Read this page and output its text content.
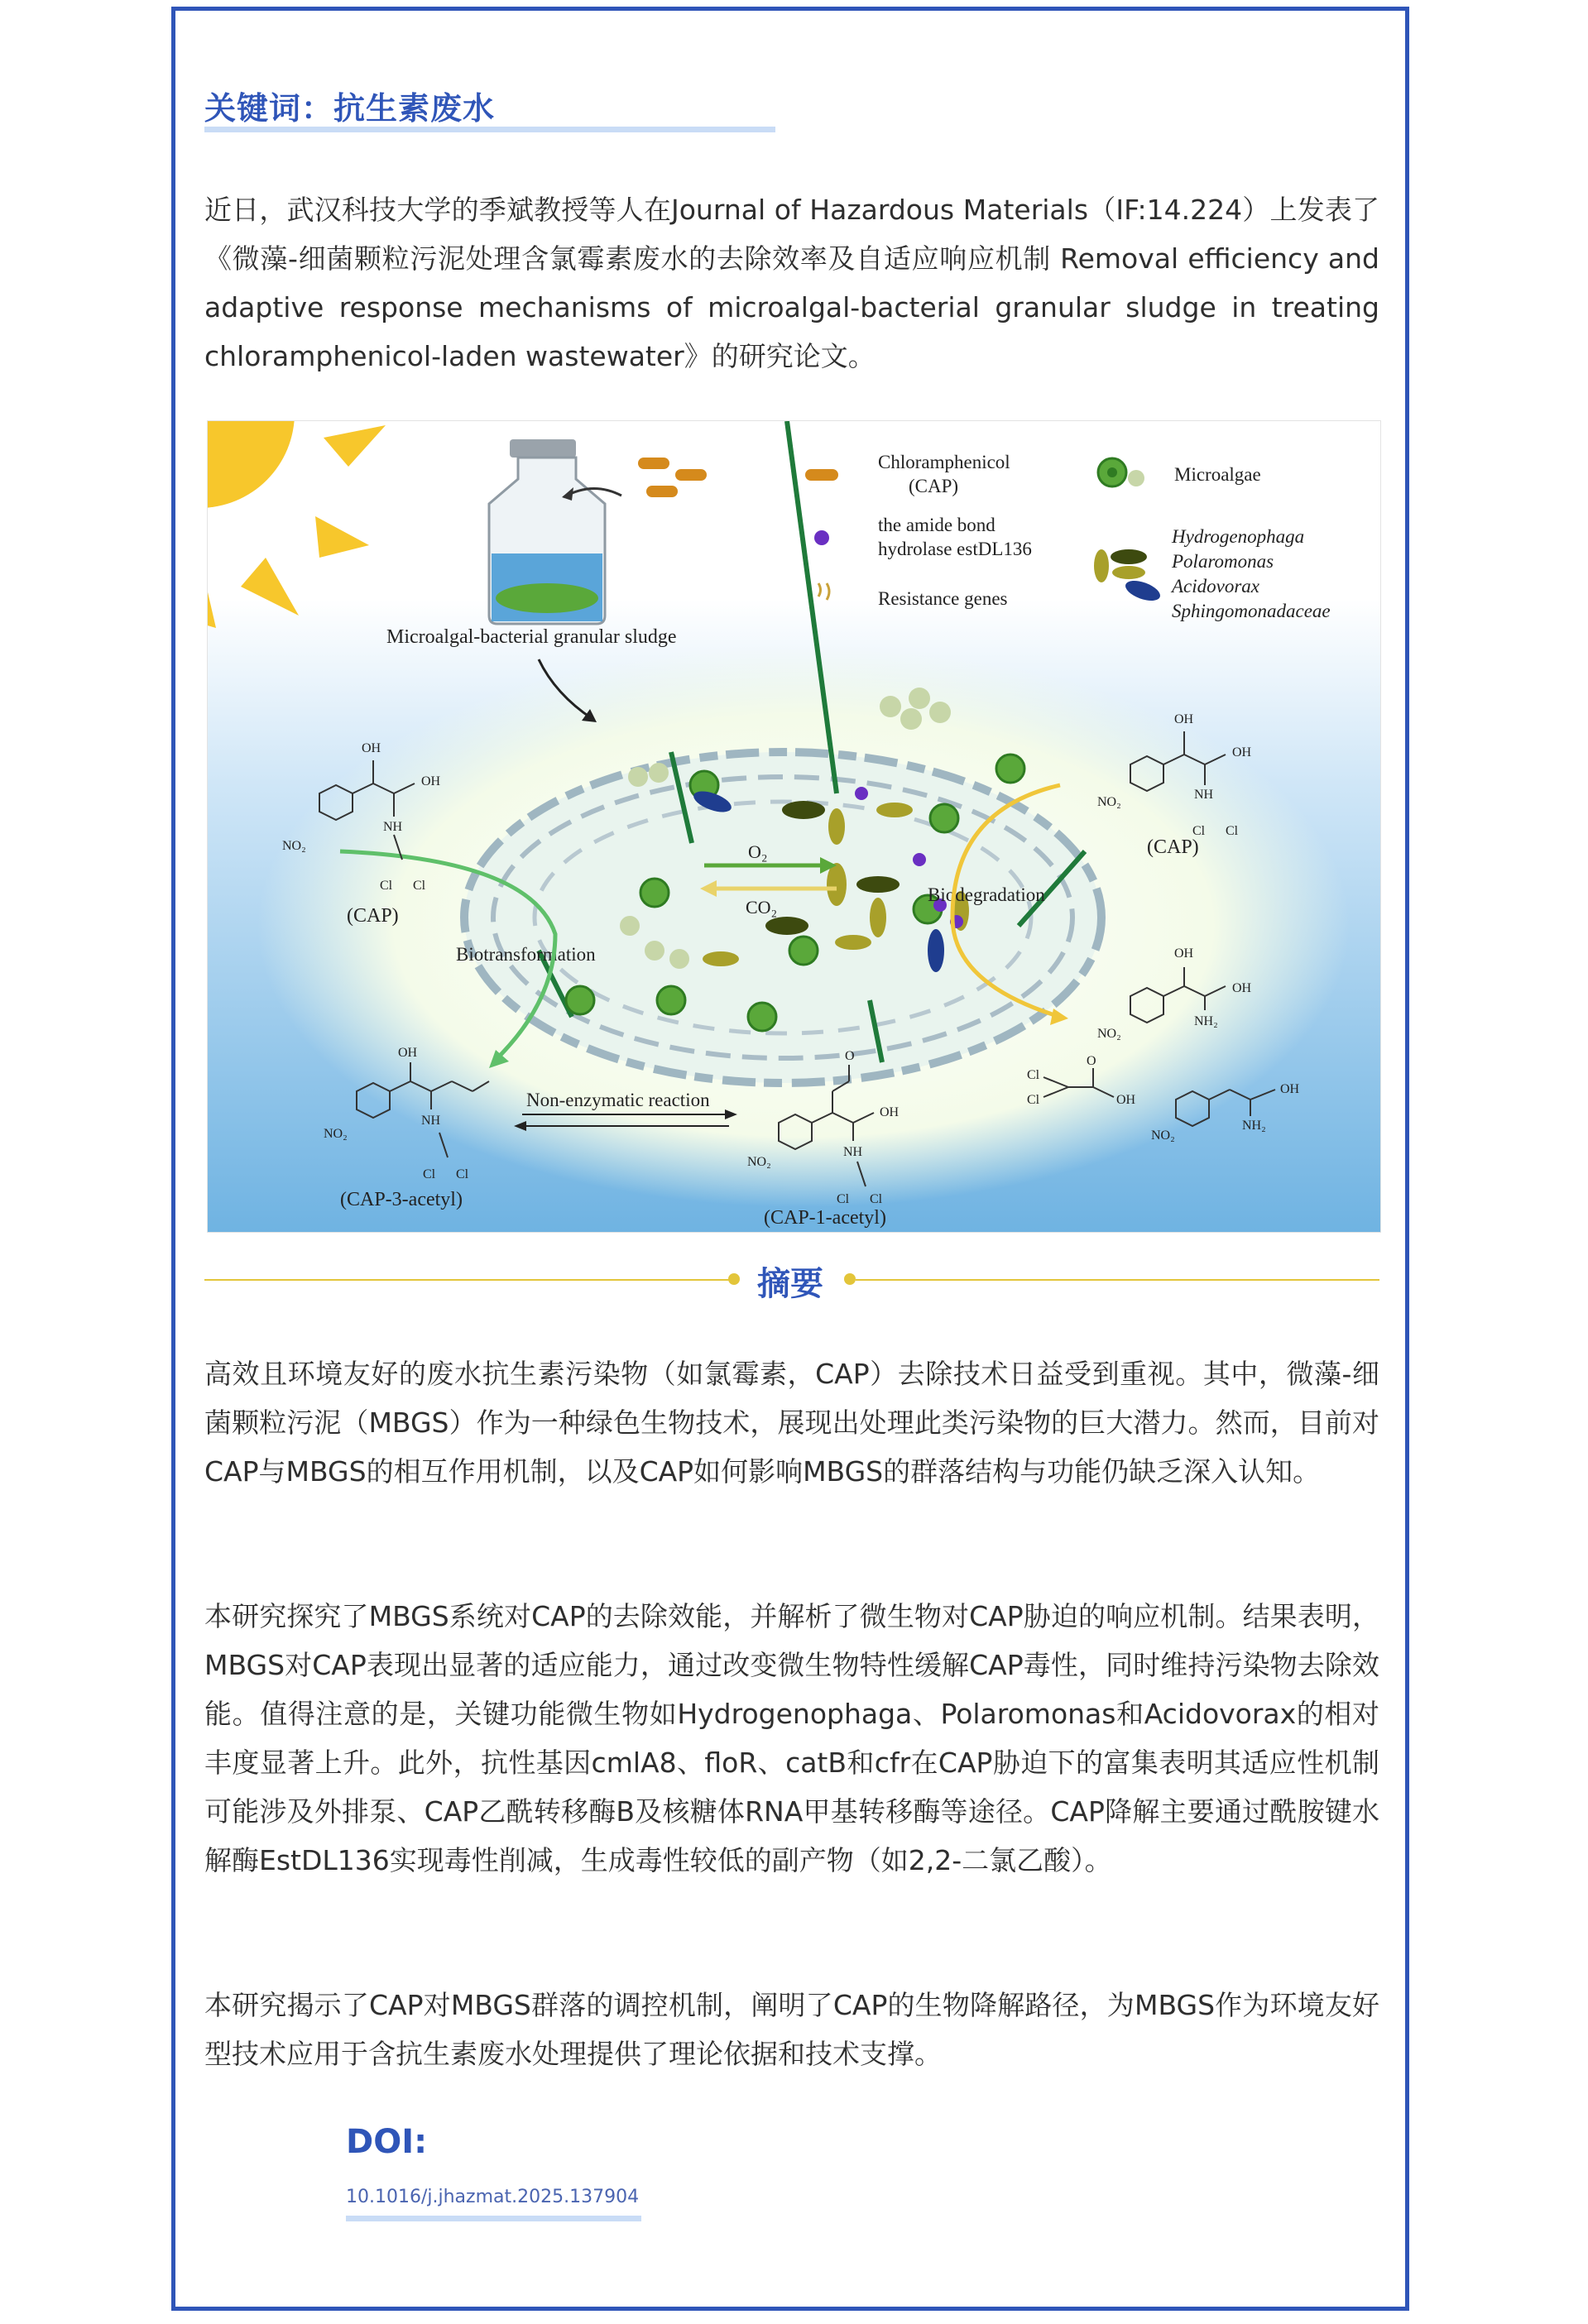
关键词：抗生素废水

近日，武汉科技大学的季斌教授等人在Journal of Hazardous Materials（IF:14.224）上发表了《微藻-细菌颗粒污泥处理含氯霉素废水的去除效率及自适应响应机制 Removal efficiency and adaptive response mechanisms of microalgal-bacterial granular sludge in treating chloramphenicol-laden wastewater》的研究论文。

Microalgal-bacterial granular sludge
Chloramphenicol
(CAP)
the amide bond
hydrolase estDL136
Resistance genes
Microalgae
Hydrogenophaga
Polaromonas
Acidovorax
Sphingomonadaceae
O₂
CO₂
Biodegradation
Biotransformation
OH
OH
NH
NO₂
Cl Cl
(CAP)
OH
OH
NH
NO₂
Cl Cl
(CAP)
OH
OH
NH₂
NO₂
Cl
Cl
O
OH
OH
NH₂
NO₂
OH
NH
NO₂
Cl Cl
(CAP-3-acetyl)
Non-enzymatic reaction
O
OH
NH
NO₂
Cl Cl
(CAP-1-acetyl)
摘要

高效且环境友好的废水抗生素污染物（如氯霉素，CAP）去除技术日益受到重视。其中，微藻-细菌颗粒污泥（MBGS）作为一种绿色生物技术，展现出处理此类污染物的巨大潜力。然而，目前对CAP与MBGS的相互作用机制，以及CAP如何影响MBGS的群落结构与功能仍缺乏深入认知。

本研究探究了MBGS系统对CAP的去除效能，并解析了微生物对CAP胁迫的响应机制。结果表明，MBGS对CAP表现出显著的适应能力，通过改变微生物特性缓解CAP毒性，同时维持污染物去除效能。值得注意的是，关键功能微生物如Hydrogenophaga、Polaromonas和Acidovorax的相对丰度显著上升。此外，抗性基因cmlA8、floR、catB和cfr在CAP胁迫下的富集表明其适应性机制可能涉及外排泵、CAP乙酰转移酶B及核糖体RNA甲基转移酶等途径。CAP降解主要通过酰胺键水解酶EstDL136实现毒性削减，生成毒性较低的副产物（如2,2-二氯乙酸）。

本研究揭示了CAP对MBGS群落的调控机制，阐明了CAP的生物降解路径，为MBGS作为环境友好型技术应用于含抗生素废水处理提供了理论依据和技术支撑。

DOI:
10.1016/j.jhazmat.2025.137904
